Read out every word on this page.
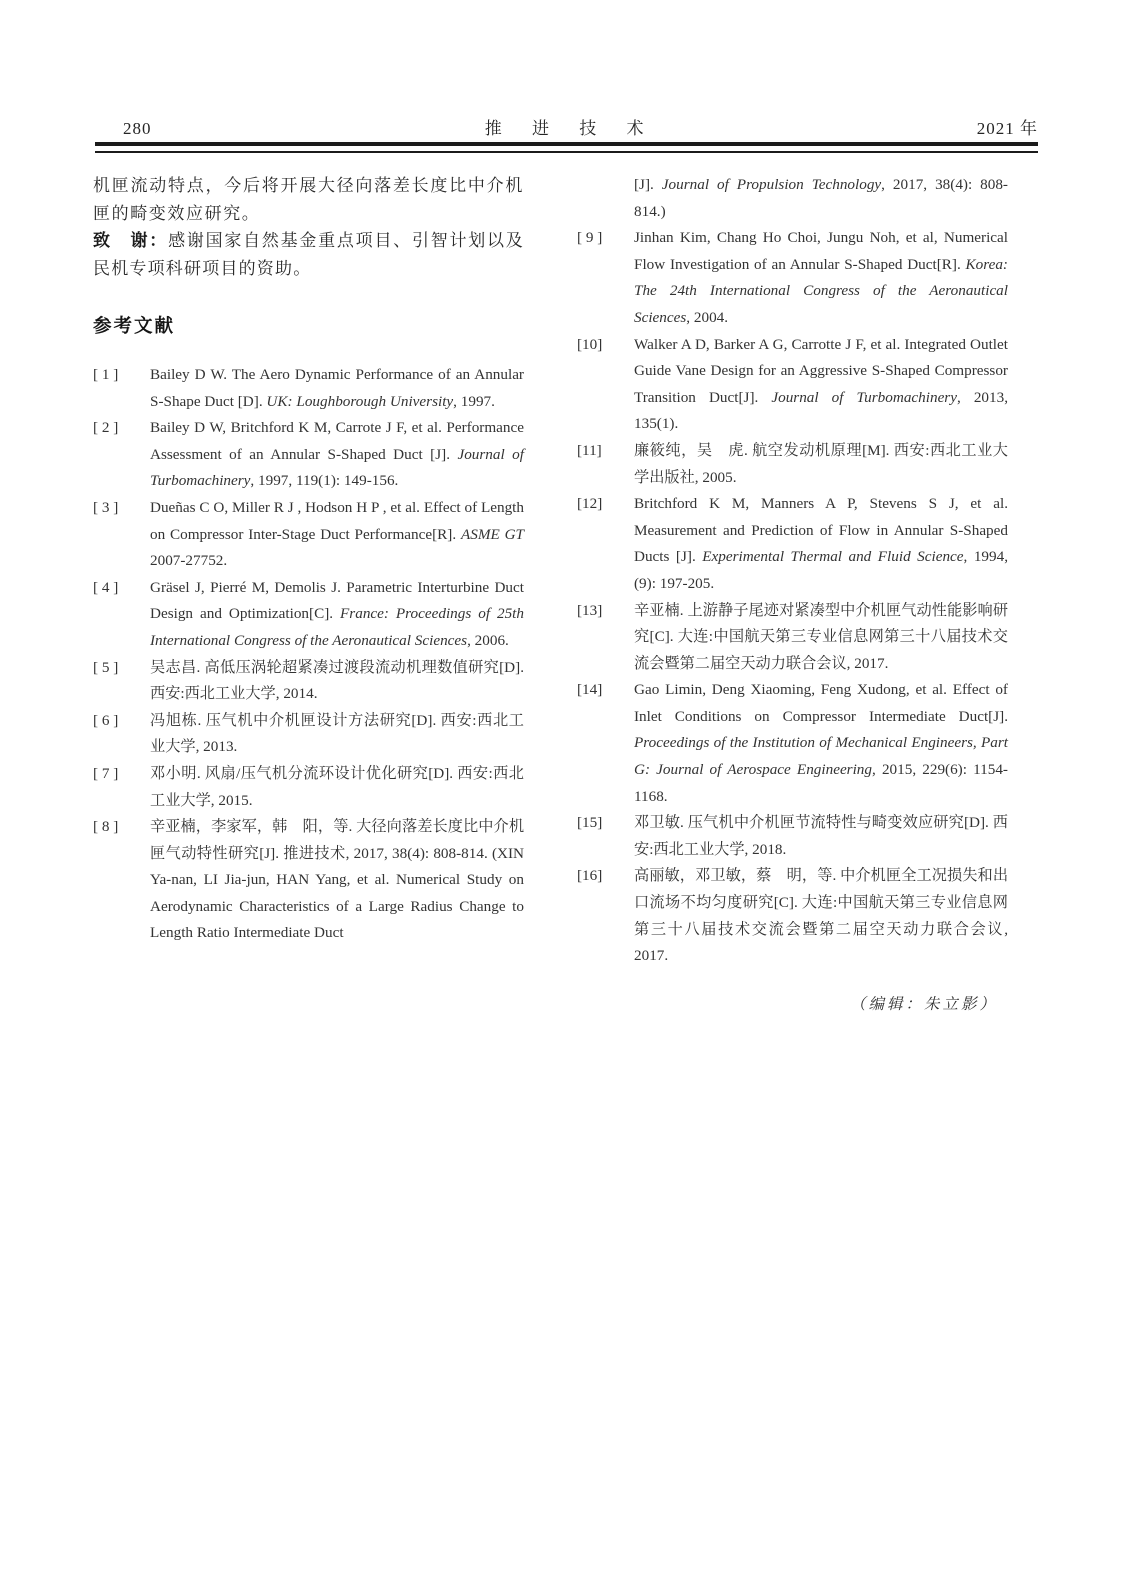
280	推 进 技 术	2021 年
机匣流动特点，今后将开展大径向落差长度比中介机匣的畸变效应研究。
致　谢：感谢国家自然基金重点项目、引智计划以及民机专项科研项目的资助。
参考文献
[ 1 ]	Bailey D W. The Aero Dynamic Performance of an Annular S-Shape Duct [D]. UK: Loughborough University, 1997.
[ 2 ]	Bailey D W, Britchford K M, Carrote J F, et al. Performance Assessment of an Annular S-Shaped Duct [J]. Journal of Turbomachinery, 1997, 119(1): 149-156.
[ 3 ]	Dueñas C O, Miller R J , Hodson H P , et al. Effect of Length on Compressor Inter-Stage Duct Performance[R]. ASME GT 2007-27752.
[ 4 ]	Gräsel J, Pierré M, Demolis J. Parametric Interturbine Duct Design and Optimization[C]. France: Proceedings of 25th International Congress of the Aeronautical Sciences, 2006.
[ 5 ]	吴志昌. 高低压涡轮超紧凑过渡段流动机理数值研究[D]. 西安:西北工业大学, 2014.
[ 6 ]	冯旭栋. 压气机中介机匣设计方法研究[D]. 西安:西北工业大学, 2013.
[ 7 ]	邓小明. 风扇/压气机分流环设计优化研究[D]. 西安:西北工业大学, 2015.
[ 8 ]	辛亚楠，李家军，韩　阳，等. 大径向落差长度比中介机匣气动特性研究[J]. 推进技术, 2017, 38(4): 808-814. (XIN Ya-nan, LI Jia-jun, HAN Yang, et al. Numerical Study on Aerodynamic Characteristics of a Large Radius Change to Length Ratio Intermediate Duct
[J]. Journal of Propulsion Technology, 2017, 38(4): 808-814.)
[ 9 ]	Jinhan Kim, Chang Ho Choi, Jungu Noh, et al, Numerical Flow Investigation of an Annular S-Shaped Duct[R]. Korea: The 24th International Congress of the Aeronautical Sciences, 2004.
[10]	Walker A D, Barker A G, Carrotte J F, et al. Integrated Outlet Guide Vane Design for an Aggressive S-Shaped Compressor Transition Duct[J]. Journal of Turbomachinery, 2013, 135(1).
[11]	廉筱纯，吴　虎. 航空发动机原理[M]. 西安:西北工业大学出版社, 2005.
[12]	Britchford K M, Manners A P, Stevens S J, et al. Measurement and Prediction of Flow in Annular S-Shaped Ducts [J]. Experimental Thermal and Fluid Science, 1994, (9): 197-205.
[13]	辛亚楠. 上游静子尾迹对紧凑型中介机匣气动性能影响研究[C]. 大连:中国航天第三专业信息网第三十八届技术交流会暨第二届空天动力联合会议, 2017.
[14]	Gao Limin, Deng Xiaoming, Feng Xudong, et al. Effect of Inlet Conditions on Compressor Intermediate Duct[J]. Proceedings of the Institution of Mechanical Engineers, Part G: Journal of Aerospace Engineering, 2015, 229(6): 1154-1168.
[15]	邓卫敏. 压气机中介机匣节流特性与畸变效应研究[D]. 西安:西北工业大学, 2018.
[16]	高丽敏，邓卫敏，蔡　明，等. 中介机匣全工况损失和出口流场不均匀度研究[C]. 大连:中国航天第三专业信息网第三十八届技术交流会暨第二届空天动力联合会议, 2017.
（编辑：朱立影）
